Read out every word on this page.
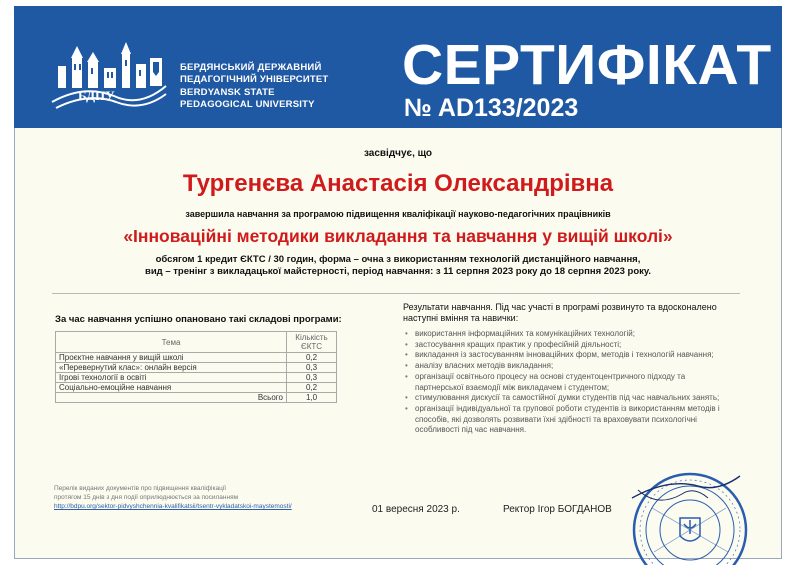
БДПУ
БЕРДЯНСЬКИЙ ДЕРЖАВНИЙ
ПЕДАГОГІЧНИЙ УНІВЕРСИТЕТ
BERDYANSK STATE
PEDAGOGICAL UNIVERSITY
СЕРТИФІКАТ
№ AD133/2023
засвідчує, що
Тургенєва Анастасія Олександрівна
завершила навчання за програмою підвищення кваліфікації науково-педагогічних працівників
«Інноваційні методики викладання та навчання у вищій школі»
обсягом 1 кредит ЄКТС / 30 годин, форма – очна з використанням технологій дистанційного навчання,
вид – тренінг з викладацької майстерності, період навчання: з 11 серпня 2023 року до 18 серпня 2023 року.
За час навчання успішно опановано такі складові програми:
Тема	Кількість ЄКТС
Проєктне навчання у вищій школі	0,2
«Перевернутий клас»: онлайн версія	0,3
Ігрові технології в освіті	0,3
Соціально-емоційне навчання	0,2
Всього	1,0
Результати навчання. Під час участі в програмі розвинуто та вдосконалено наступні вміння та навички:
• використання інформаційних та комунікаційних технологій;
• застосування кращих практик у професійній діяльності;
• викладання із застосуванням інноваційних форм, методів і технологій навчання;
• аналізу власних методів викладання;
• організації освітнього процесу на основі студентоцентричного підходу та партнерської взаємодії між викладачем і студентом;
• стимулювання дискусії та самостійної думки студентів під час навчальних занять;
• організації індивідуальної та групової роботи студентів із використанням методів і способів, які дозволять розвивати їхні здібності та враховувати психологічні особливості під час навчання.
Перелік виданих документів про підвищення кваліфікації
протягом 15 днів з дня події оприлюднюється за посиланням
http://bdpu.org/sektor-pidvyshchennia-kvalifikatsii/tsentr-vykladatskoi-maystemosti/	01 вересня 2023 р.	Ректор Ігор БОГДАНОВ
